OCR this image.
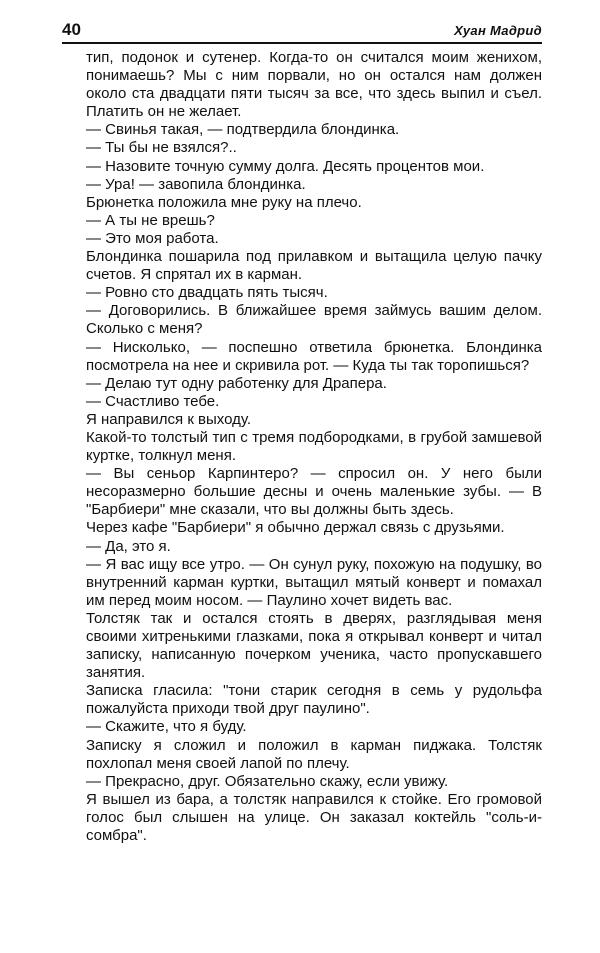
40	Хуан Мадрид

тип, подонок и сутенер. Когда-то он считался моим женихом, понимаешь? Мы с ним порвали, но он остался нам должен около ста двадцати пяти тысяч за все, что здесь выпил и съел. Платить он не желает.

— Свинья такая, — подтвердила блондинка.

— Ты бы не взялся?..

— Назовите точную сумму долга. Десять процентов мои.

— Ура! — завопила блондинка.

Брюнетка положила мне руку на плечо.

— А ты не врешь?

— Это моя работа.

Блондинка пошарила под прилавком и вытащила целую пачку счетов. Я спрятал их в карман.

— Ровно сто двадцать пять тысяч.

— Договорились. В ближайшее время займусь вашим делом. Сколько с меня?

— Нисколько, — поспешно ответила брюнетка. Блондинка посмотрела на нее и скривила рот. — Куда ты так торопишься?

— Делаю тут одну работенку для Драпера.

— Счастливо тебе.

Я направился к выходу.

Какой-то толстый тип с тремя подбородками, в грубой замшевой куртке, толкнул меня.

— Вы сеньор Карпинтеро? — спросил он. У него были несоразмерно большие десны и очень маленькие зубы. — В "Барбиери" мне сказали, что вы должны быть здесь.

Через кафе "Барбиери" я обычно держал связь с друзьями.

— Да, это я.

— Я вас ищу все утро. — Он сунул руку, похожую на подушку, во внутренний карман куртки, вытащил мятый конверт и помахал им перед моим носом. — Паулино хочет видеть вас.

Толстяк так и остался стоять в дверях, разглядывая меня своими хитренькими глазками, пока я открывал конверт и читал записку, написанную почерком ученика, часто пропускавшего занятия.

Записка гласила: "тони старик сегодня в семь у рудольфа пожалуйста приходи твой друг паулино".

— Скажите, что я буду.

Записку я сложил и положил в карман пиджака. Толстяк похлопал меня своей лапой по плечу.

— Прекрасно, друг. Обязательно скажу, если увижу.

Я вышел из бара, а толстяк направился к стойке. Его громовой голос был слышен на улице. Он заказал коктейль "соль-и-сомбра".
